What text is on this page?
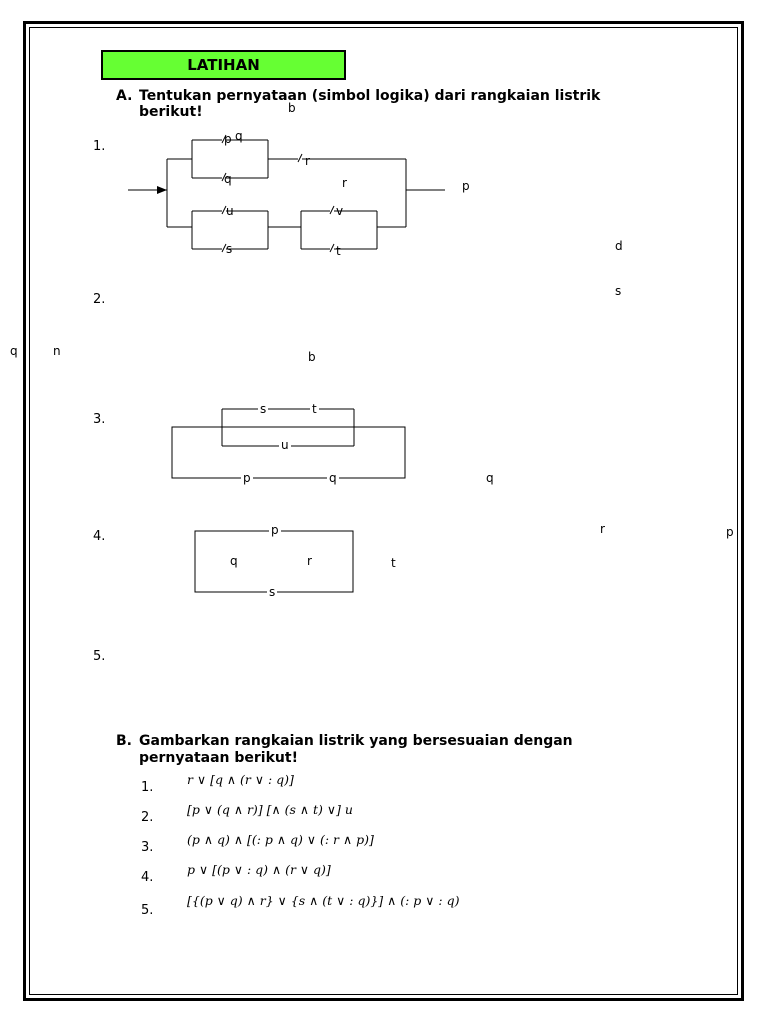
LATIHAN
A. Tentukan pernyataan (simbol logika) dari rangkaian listrik
berikut!
1.
2.
3.
4.
5.
p q
q
r
u
s
v
t
r	p
s	t
u
p	q
p
q	r
s
t
b
d
s
q	n	b
q
r	p
B. Gambarkan rangkaian listrik yang bersesuaian dengan
pernyataan berikut!
1.
r ∨ [q ∧ (r ∨ : q)]
2.
[p ∨ (q ∧ r)] [∧ (s ∧ t) ∨] u
3.
(p ∧ q) ∧ [(: p ∧ q) ∨ (: r ∧ p)]
4.
p ∨ [(p ∨ : q) ∧ (r ∨ q)]
5.
[{(p ∨ q) ∧ r} ∨ {s ∧ (t ∨ : q)}] ∧ (: p ∨ : q)
